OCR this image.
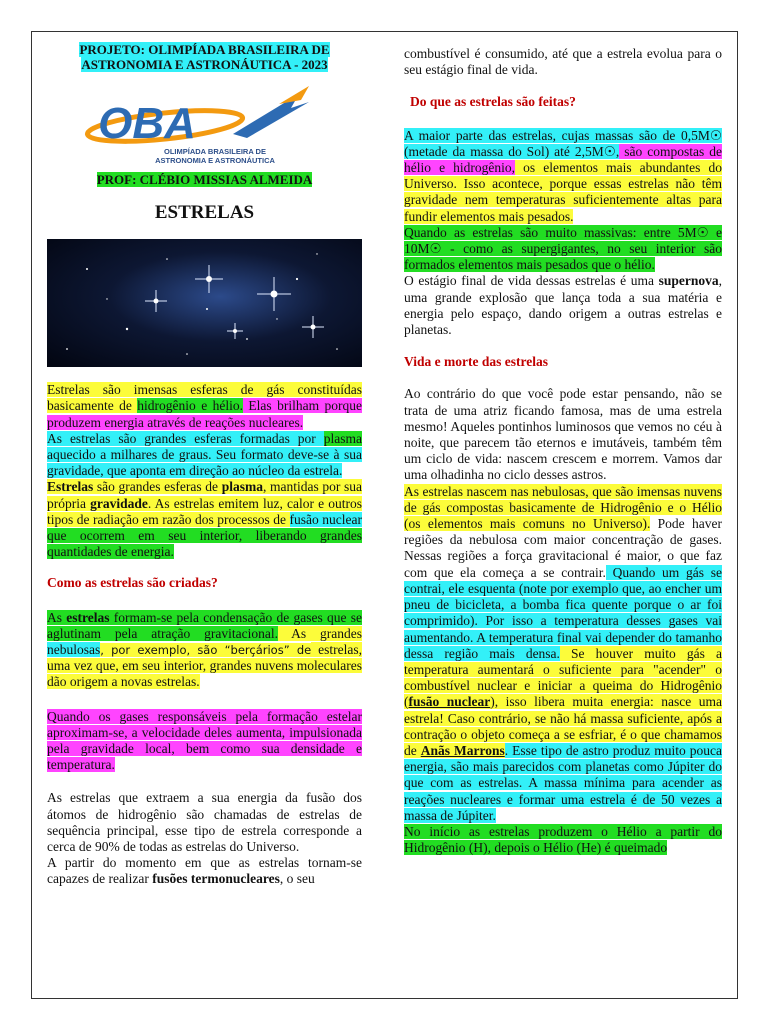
PROJETO: OLIMPÍADA BRASILEIRA DE ASTRONOMIA E ASTRONÁUTICA - 2023

OBA
OLIMPÍADA BRASILEIRA DE
ASTRONOMIA E ASTRONÁUTICA

PROF: CLÉBIO MISSIAS ALMEIDA

ESTRELAS

Estrelas são imensas esferas de gás constituídas basicamente de hidrogênio e hélio. Elas brilham porque produzem energia através de reações nucleares.

As estrelas são grandes esferas formadas por plasma aquecido a milhares de graus. Seu formato deve-se à sua gravidade, que aponta em direção ao núcleo da estrela.

Estrelas são grandes esferas de plasma, mantidas por sua própria gravidade. As estrelas emitem luz, calor e outros tipos de radiação em razão dos processos de fusão nuclear que ocorrem em seu interior, liberando grandes quantidades de energia.

Como as estrelas são criadas?

As estrelas formam-se pela condensação de gases que se aglutinam pela atração gravitacional. As grandes nebulosas, por exemplo, são “berçários” de estrelas, uma vez que, em seu interior, grandes nuvens moleculares dão origem a novas estrelas.

Quando os gases responsáveis pela formação estelar aproximam-se, a velocidade deles aumenta, impulsionada pela gravidade local, bem como sua densidade e temperatura.

As estrelas que extraem a sua energia da fusão dos átomos de hidrogênio são chamadas de estrelas de sequência principal, esse tipo de estrela corresponde a cerca de 90% de todas as estrelas do Universo.

A partir do momento em que as estrelas tornam-se capazes de realizar fusões termonucleares, o seu

combustível é consumido, até que a estrela evolua para o seu estágio final de vida.

Do que as estrelas são feitas?

A maior parte das estrelas, cujas massas são de 0,5M☉ (metade da massa do Sol) até 2,5M☉, são compostas de hélio e hidrogênio, os elementos mais abundantes do Universo. Isso acontece, porque essas estrelas não têm gravidade nem temperaturas suficientemente altas para fundir elementos mais pesados.

Quando as estrelas são muito massivas: entre 5M☉ e 10M☉ - como as supergigantes, no seu interior são formados elementos mais pesados que o hélio.

O estágio final de vida dessas estrelas é uma supernova, uma grande explosão que lança toda a sua matéria e energia pelo espaço, dando origem a outras estrelas e planetas.

Vida e morte das estrelas

Ao contrário do que você pode estar pensando, não se trata de uma atriz ficando famosa, mas de uma estrela mesmo! Aqueles pontinhos luminosos que vemos no céu à noite, que parecem tão eternos e imutáveis, também têm um ciclo de vida: nascem crescem e morrem. Vamos dar uma olhadinha no ciclo desses astros.

As estrelas nascem nas nebulosas, que são imensas nuvens de gás compostas basicamente de Hidrogênio e o Hélio (os elementos mais comuns no Universo). Pode haver regiões da nebulosa com maior concentração de gases. Nessas regiões a força gravitacional é maior, o que faz com que ela começa a se contrair. Quando um gás se contrai, ele esquenta (note por exemplo que, ao encher um pneu de bicicleta, a bomba fica quente porque o ar foi comprimido). Por isso a temperatura desses gases vai aumentando. A temperatura final vai depender do tamanho dessa região mais densa. Se houver muito gás a temperatura aumentará o suficiente para "acender" o combustível nuclear e iniciar a queima do Hidrogênio (fusão nuclear), isso libera muita energia: nasce uma estrela! Caso contrário, se não há massa suficiente, após a contração o objeto começa a se esfriar, é o que chamamos de Anãs Marrons. Esse tipo de astro produz muito pouca energia, são mais parecidos com planetas como Júpiter do que com as estrelas. A massa mínima para acender as reações nucleares e formar uma estrela é de 50 vezes a massa de Júpiter.

No início as estrelas produzem o Hélio a partir do Hidrogênio (H), depois o Hélio (He) é queimado
